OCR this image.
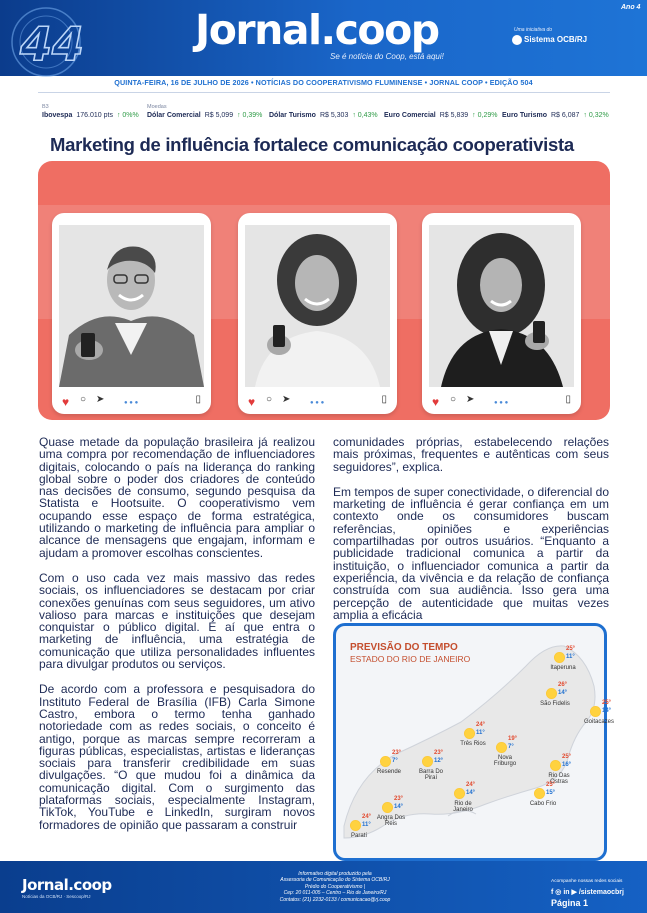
44	Jornal.coop
Se é notícia do Coop, está aqui!
Uma iniciativa do
Sistema OCB/RJ
Ano 4
QUINTA-FEIRA, 16 DE JULHO DE 2026 • NOTÍCIAS DO COOPERATIVISMO FLUMINENSE • JORNAL COOP • EDIÇÃO 504
B3	Moedas
Ibovespa 176.010 pts ↑ 0%% Dólar Comercial R$ 5,099 ↑ 0,39% Dólar Turismo R$ 5,303 ↑ 0,43% Euro Comercial R$ 5,839 ↑ 0,29% Euro Turismo R$ 6,087 ↑ 0,32%
Marketing de influência fortalece comunicação cooperativista
♥ ○ ➤	● ● ●	▯	♥ ○ ➤	● ● ●	▯	♥ ○ ➤	● ● ●	▯

Quase metade da população brasileira já realizou uma compra por recomendação de influenciadores digitais, colocando o país na liderança do ranking global sobre o poder dos criadores de conteúdo nas decisões de consumo, segundo pesquisa da Statista e Hootsuite. O cooperativismo vem ocupando esse espaço de forma estratégica, utilizando o marketing de influência para ampliar o alcance de mensagens que engajam, informam e ajudam a promover escolhas conscientes.

Com o uso cada vez mais massivo das redes sociais, os influenciadores se destacam por criar conexões genuínas com seus seguidores, um ativo valioso para marcas e instituições que desejam conquistar o público digital. É aí que entra o marketing de influência, uma estratégia de comunicação que utiliza personalidades influentes para divulgar produtos ou serviços.

De acordo com a professora e pesquisadora do Instituto Federal de Brasília (IFB) Carla Simone Castro, embora o termo tenha ganhado notoriedade com as redes sociais, o conceito é antigo, porque as marcas sempre recorreram a figuras públicas, especialistas, artistas e lideranças sociais para transferir credibilidade em suas divulgações. “O que mudou foi a dinâmica da comunicação digital. Com o surgimento das plataformas sociais, especialmente Instagram, TikTok, YouTube e LinkedIn, surgiram novos formadores de opinião que passaram a construir

comunidades próprias, estabelecendo relações mais próximas, frequentes e autênticas com seus seguidores”, explica.

Em tempos de super conectividade, o diferencial do marketing de influência é gerar confiança em um contexto onde os consumidores buscam referências, opiniões e experiências compartilhadas por outros usuários. “Enquanto a publicidade tradicional comunica a partir da instituição, o influenciador comunica a partir da experiência, da vivência e da relação de confiança construída com sua audiência. Isso gera uma percepção de autenticidade que muitas vezes amplia a eficácia

PREVISÃO DO TEMPO
ESTADO DO RIO DE JANEIRO
25°
11°
Itaperuna
26°
14°
São Fidelis	25°
14°
Goitacazes
24°
11°
Três Rios
19°
7°
Nova Friburgo
25°
16°
Rio Das Ostras
23°
7°
Resende
23°
12°
Barra Do Piraí
24°
14°
Rio de Janeiro
25°
15°
Cabo Frio
23°
14°
Angra Dos Reis
24°
11°
Paratí
Jornal.coop
Notícias da OCB/RJ · Sescoop/RJ
Informativo digital produzido pela
Assessoria de Comunicação do Sistema OCB/RJ
Prédio do Cooperativismo |
Cep: 20 011-005 – Centro – Rio de Janeiro/RJ
Contatos: (21) 2232-0133 / comunicacao@rj.coop
Acompanhe nossas redes sociais
f ◎ in ▶ /sistemaocbrj
Página 1
